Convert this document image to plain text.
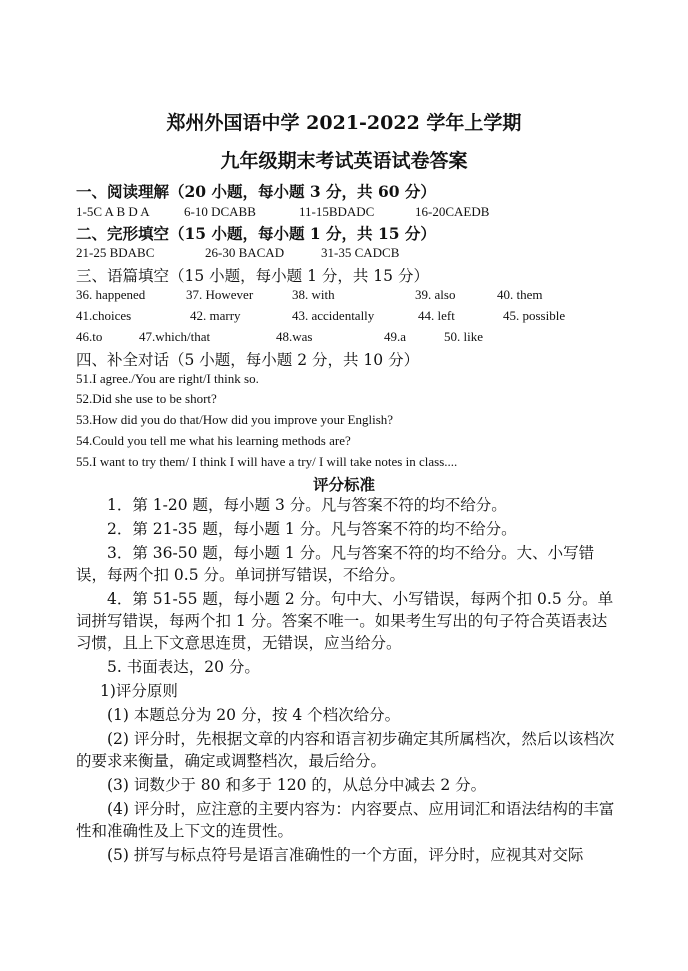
郑州外国语中学 2021-2022 学年上学期
九年级期末考试英语试卷答案
一、阅读理解（20 小题，每小题 3 分，共 60 分）
1-5C A B D A	6-10 DCABB	11-15BDADC	16-20CAEDB
二、完形填空（15 小题，每小题 1 分，共 15 分）
21-25 BDABC	26-30 BACAD	31-35 CADCB
三、语篇填空（15 小题，每小题 1 分，共 15 分）
36. happened	37. However	38. with	39. also	40. them
41.choices	42. marry	43. accidentally	44. left	45. possible
46.to	47.which/that	48.was	49.a	50. like
四、补全对话（5 小题，每小题 2 分，共 10 分）
51.I agree./You are right/I think so.
52.Did she use to be short?
53.How did you do that/How did you improve your English?
54.Could you tell me what his learning methods are?
55.I want to try them/ I think I will have a try/ I will take notes in class....
评分标准

1．第 1-20 题，每小题 3 分。凡与答案不符的均不给分。

2．第 21-35 题，每小题 1 分。凡与答案不符的均不给分。

3．第 36-50 题，每小题 1 分。凡与答案不符的均不给分。大、小写错误，每两个扣 0.5 分。单词拼写错误，不给分。

4．第 51-55 题，每小题 2 分。句中大、小写错误，每两个扣 0.5 分。单词拼写错误，每两个扣 1 分。答案不唯一。如果考生写出的句子符合英语表达习惯，且上下文意思连贯，无错误，应当给分。

5. 书面表达，20 分。

1)评分原则

(1) 本题总分为 20 分，按 4 个档次给分。

(2) 评分时，先根据文章的内容和语言初步确定其所属档次，然后以该档次的要求来衡量，确定或调整档次，最后给分。

(3) 词数少于 80 和多于 120 的，从总分中减去 2 分。

(4) 评分时，应注意的主要内容为：内容要点、应用词汇和语法结构的丰富性和准确性及上下文的连贯性。

(5) 拼写与标点符号是语言准确性的一个方面，评分时，应视其对交际
